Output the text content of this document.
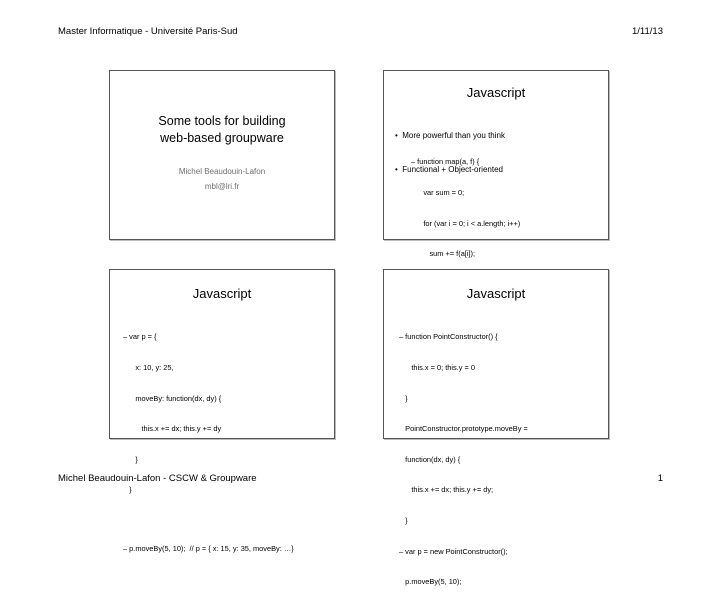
Master Informatique - Université Paris-Sud	1/11/13
Some tools for building
web-based groupware
Michel Beaudouin-Lafon
mbl@lri.fr
Javascript

•  More powerful than you think

•  Functional + Object-oriented

– function map(a, f) {

var sum = 0;

for (var i = 0; i < a.length; i++)

sum += f(a[i]);

Javascript

– var p = {

x: 10, y: 25,

moveBy: function(dx, dy) {

this.x += dx; this.y += dy

}

}

– p.moveBy(5, 10);  // p = { x: 15, y: 35, moveBy: …}

Javascript

– function PointConstructor() {

this.x = 0; this.y = 0

}

PointConstructor.prototype.moveBy =

function(dx, dy) {

this.x += dx; this.y += dy;

}

– var p = new PointConstructor();

p.moveBy(5, 10);

Michel Beaudouin-Lafon - CSCW & Groupware	1
